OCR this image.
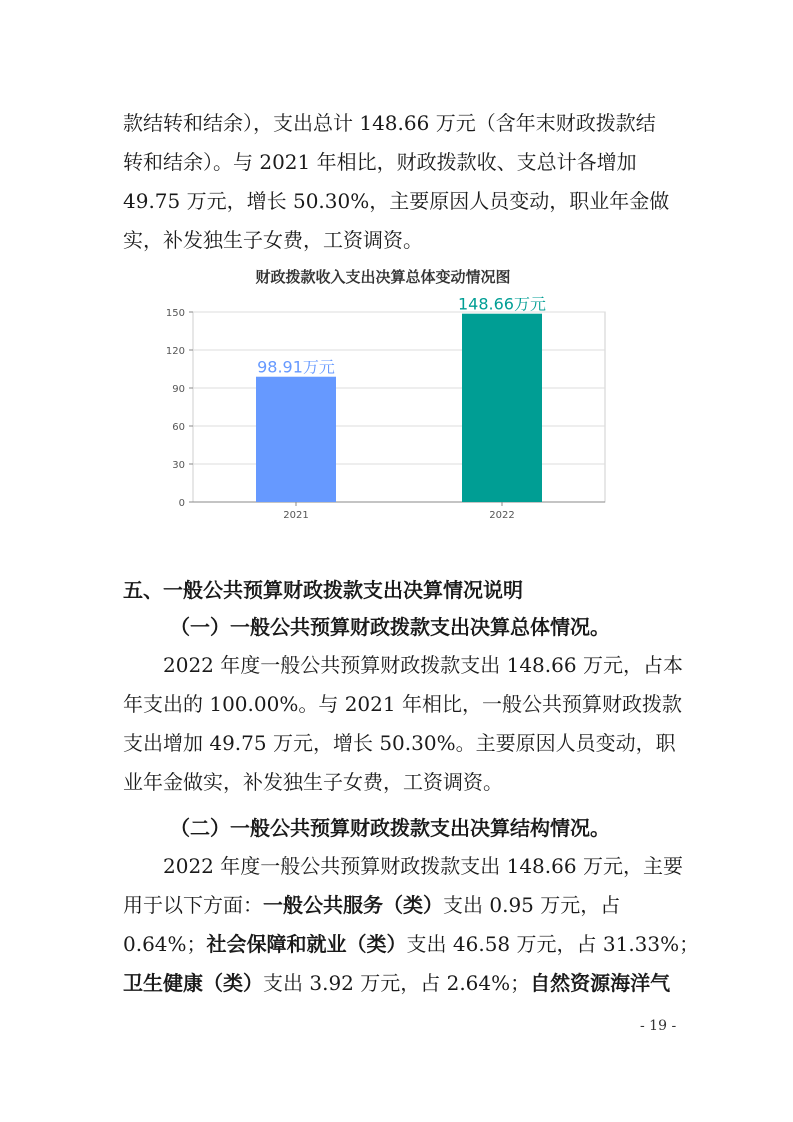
款结转和结余），支出总计 148.66 万元（含年末财政拨款结
转和结余）。与 2021 年相比，财政拨款收、支总计各增加
49.75 万元，增长 50.30%，主要原因人员变动，职业年金做
实，补发独生子女费，工资调资。
财政拨款收入支出决算总体变动情况图
0
30
60
90
120
150
98.91万元
2021
148.66万元
2022
五、一般公共预算财政拨款支出决算情况说明
（一）一般公共预算财政拨款支出决算总体情况。
2022 年度一般公共预算财政拨款支出 148.66 万元，占本
年支出的 100.00%。与 2021 年相比，一般公共预算财政拨款
支出增加 49.75 万元，增长 50.30%。主要原因人员变动，职
业年金做实，补发独生子女费，工资调资。
（二）一般公共预算财政拨款支出决算结构情况。
2022 年度一般公共预算财政拨款支出 148.66 万元，主要
用于以下方面：一般公共服务（类）支出 0.95 万元，占
0.64%；社会保障和就业（类）支出 46.58 万元，占 31.33%；
卫生健康（类）支出 3.92 万元，占 2.64%；自然资源海洋气
- 19 -
